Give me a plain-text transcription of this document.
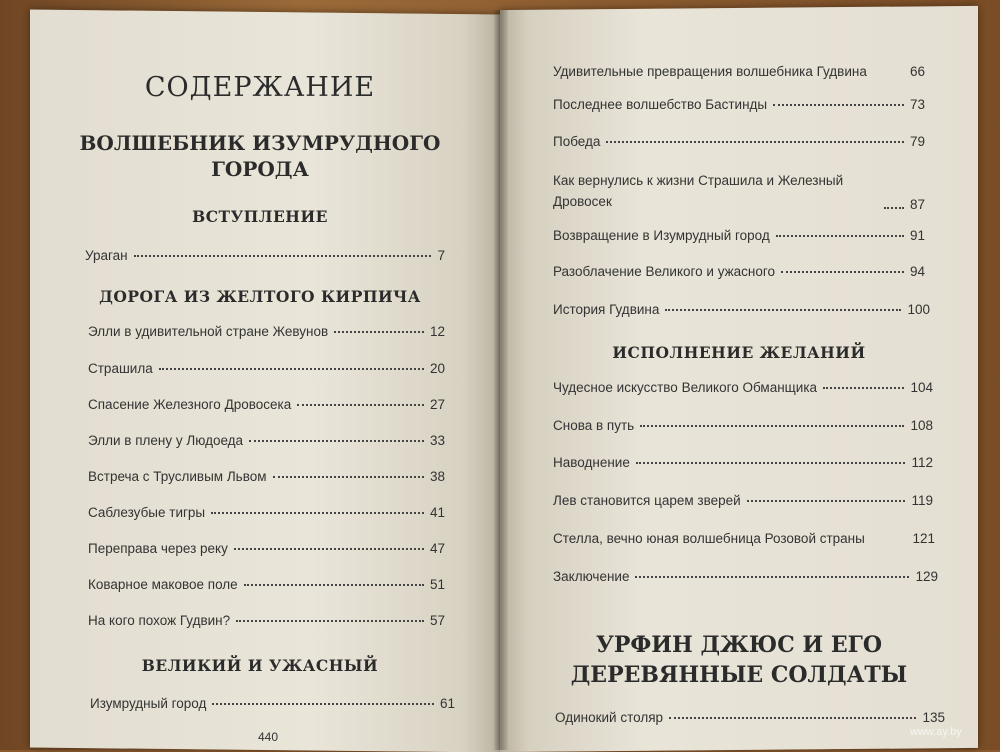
СОДЕРЖАНИЕ
ВОЛШЕБНИК ИЗУМРУДНОГО
ГОРОДА
ВСТУПЛЕНИЕ
Ураган	7
ДОРОГА ИЗ ЖЕЛТОГО КИРПИЧА
Элли в удивительной стране Жевунов	12
Страшила	20
Спасение Железного Дровосека	27
Элли в плену у Людоеда	33
Встреча с Трусливым Львом	38
Саблезубые тигры	41
Переправа через реку	47
Коварное маковое поле	51
На кого похож Гудвин?	57
ВЕЛИКИЙ И УЖАСНЫЙ
Изумрудный город	61
440
Удивительные превращения волшебника Гудвина	66
Последнее волшебство Бастинды	73
Победа	79
Как вернулись к жизни Страшила и Железный Дровосек	87
Возвращение в Изумрудный город	91
Разоблачение Великого и ужасного	94
История Гудвина	100
ИСПОЛНЕНИЕ ЖЕЛАНИЙ
Чудесное искусство Великого Обманщика	104
Снова в путь	108
Наводнение	112
Лев становится царем зверей	119
Стелла, вечно юная волшебница Розовой страны	121
Заключение	129
УРФИН ДЖЮС И ЕГО
ДЕРЕВЯННЫЕ СОЛДАТЫ
Одинокий столяр	135
www.ay.by
